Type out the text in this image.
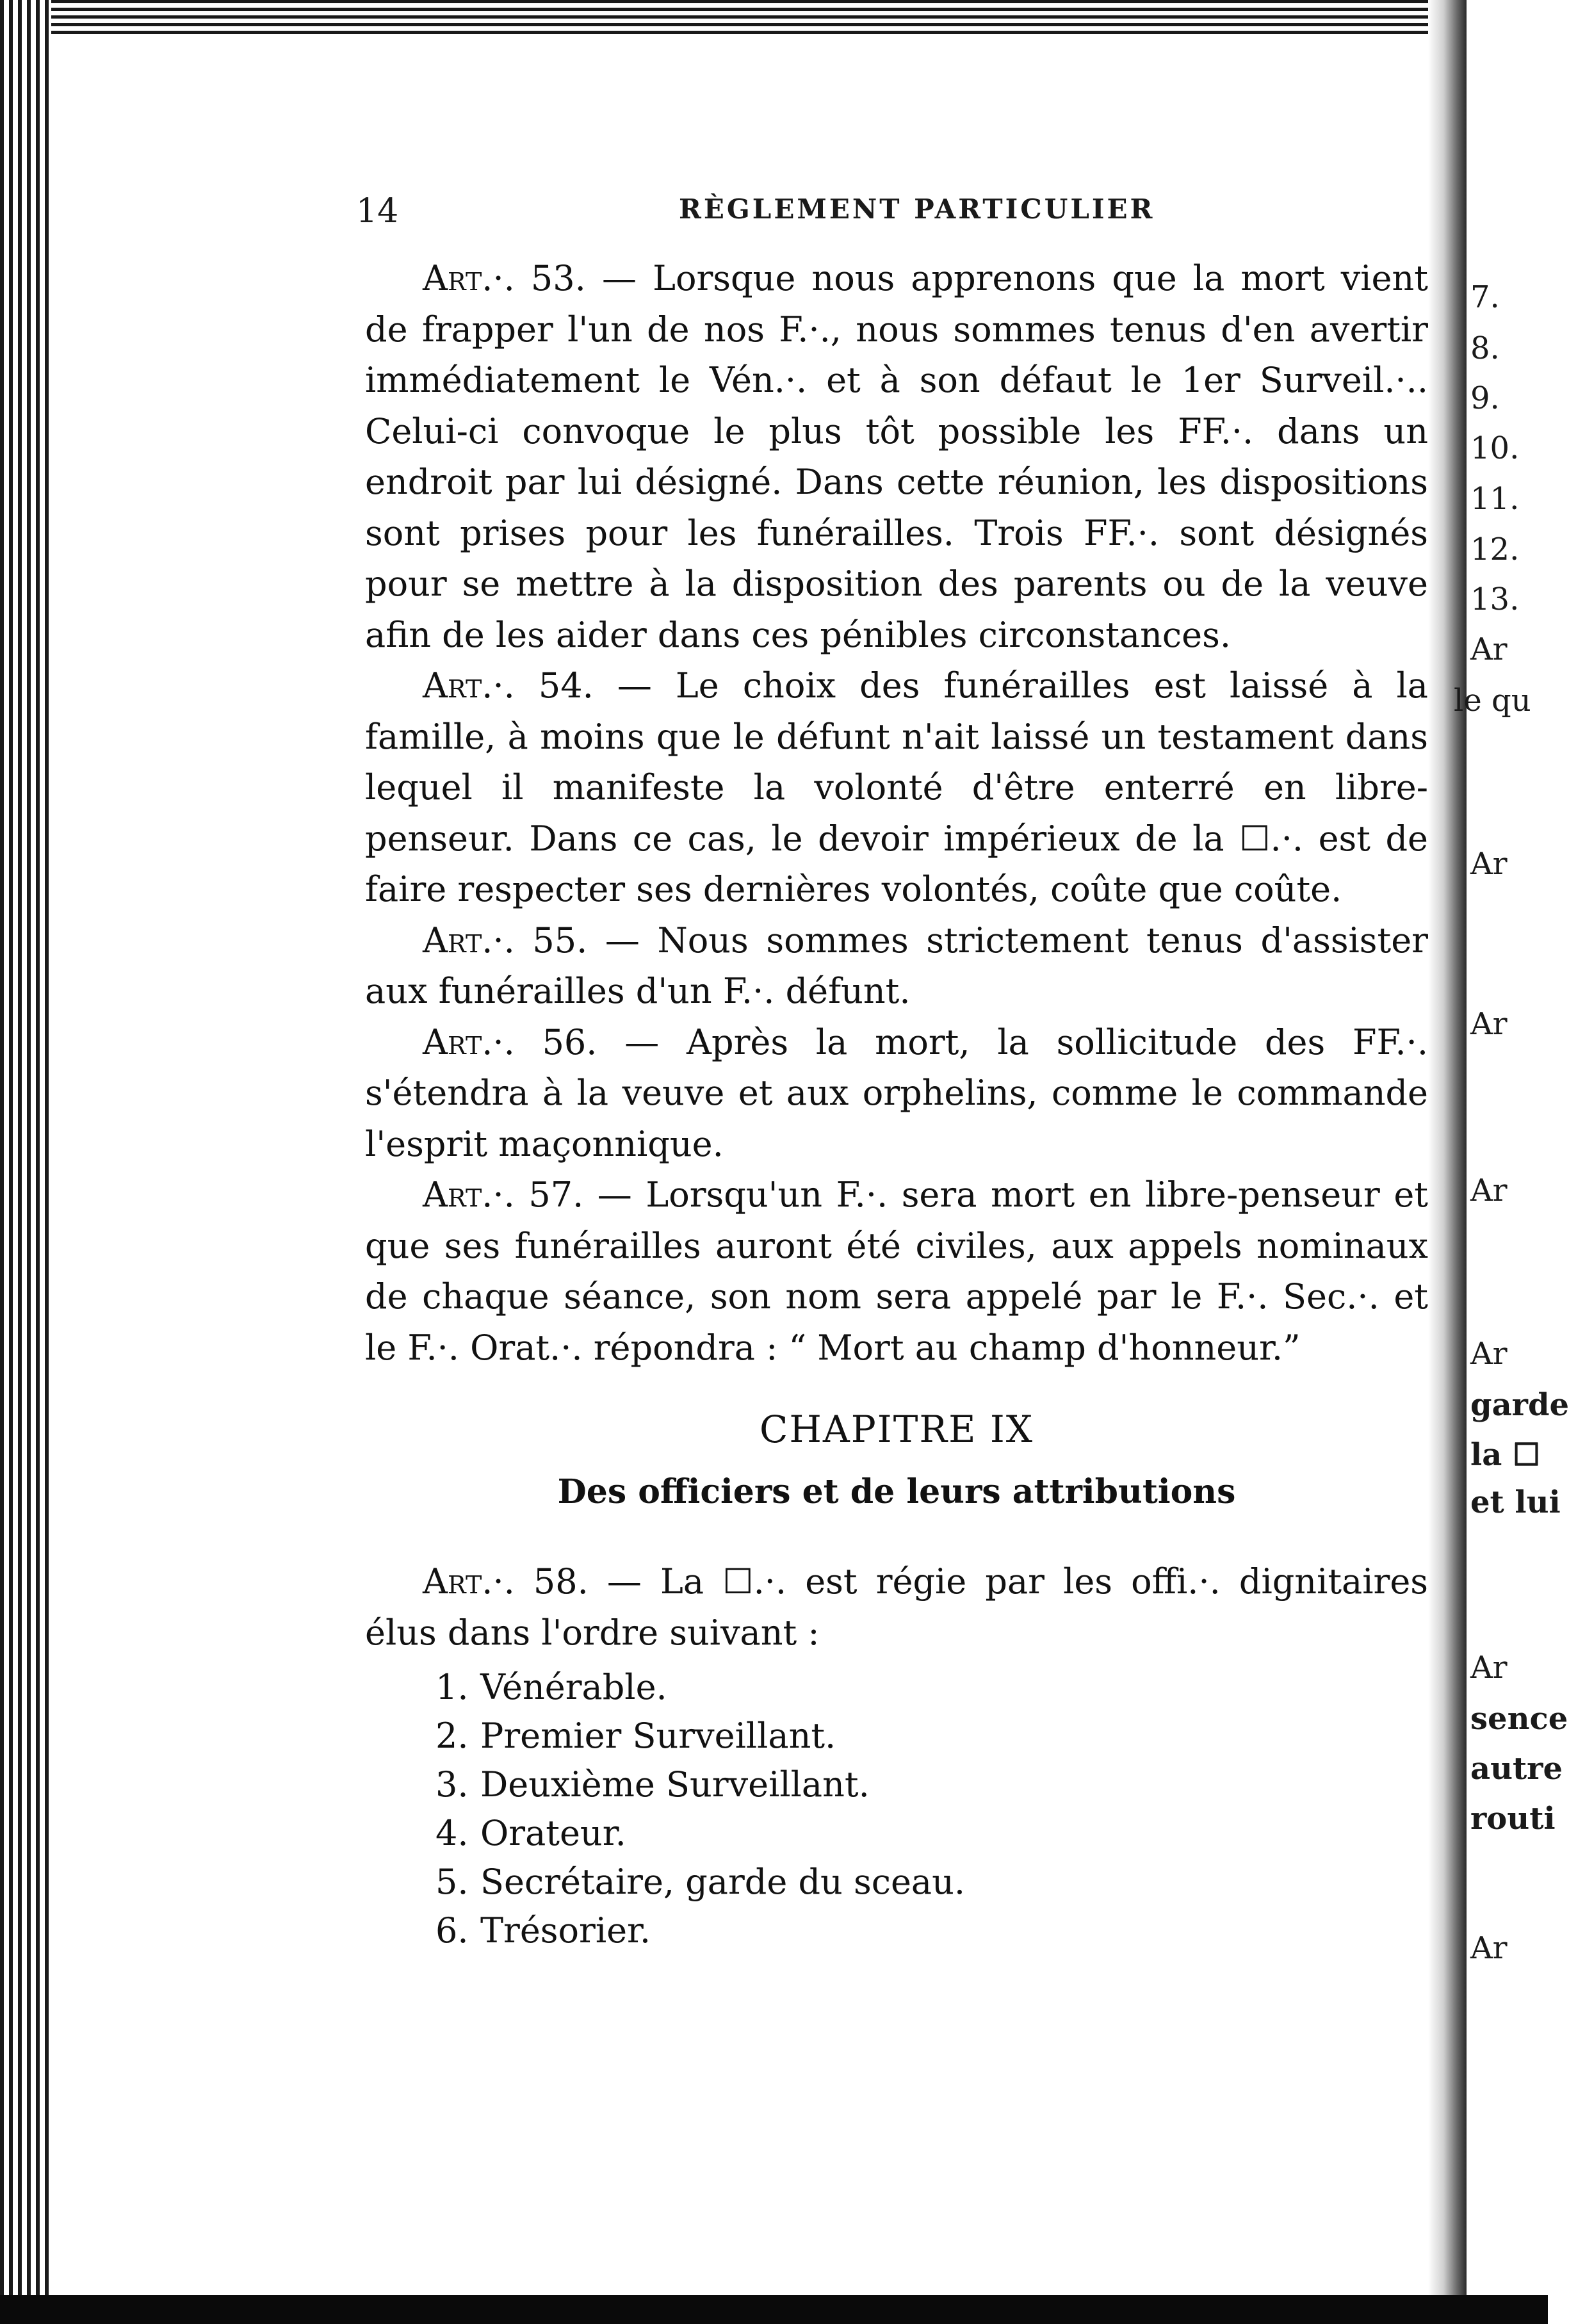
7.
8.
9.
10.
11.
12.
13.
Ar
le qu
Ar
Ar
Ar
Ar
garde
la ☐
et lui
Ar
sence
autre
routi
Ar
14	RÈGLEMENT PARTICULIER

Art.·. 53. — Lorsque nous apprenons que la mort vient de frapper l'un de nos F.·., nous sommes tenus d'en avertir immédiatement le Vén.·. et à son défaut le 1er Surveil.·.. Celui-ci convoque le plus tôt possible les FF.·. dans un endroit par lui désigné. Dans cette réunion, les dispositions sont prises pour les funérailles. Trois FF.·. sont désignés pour se mettre à la disposition des parents ou de la veuve afin de les aider dans ces pénibles circonstances.

Art.·. 54. — Le choix des funérailles est laissé à la famille, à moins que le défunt n'ait laissé un testament dans lequel il manifeste la volonté d'être enterré en libre-penseur. Dans ce cas, le devoir impérieux de la ☐.·. est de faire respecter ses dernières volontés, coûte que coûte.

Art.·. 55. — Nous sommes strictement tenus d'assister aux funérailles d'un F.·. défunt.

Art.·. 56. — Après la mort, la sollicitude des FF.·. s'étendra à la veuve et aux orphelins, comme le commande l'esprit maçonnique.

Art.·. 57. — Lorsqu'un F.·. sera mort en libre-penseur et que ses funérailles auront été civiles, aux appels nominaux de chaque séance, son nom sera appelé par le F.·. Sec.·. et le F.·. Orat.·. répondra : “ Mort au champ d'honneur.”

CHAPITRE IX
Des officiers et de leurs attributions

Art.·. 58. — La ☐.·. est régie par les offi.·. dignitaires élus dans l'ordre suivant :

1. Vénérable.
2. Premier Surveillant.
3. Deuxième Surveillant.
4. Orateur.
5. Secrétaire, garde du sceau.
6. Trésorier.
